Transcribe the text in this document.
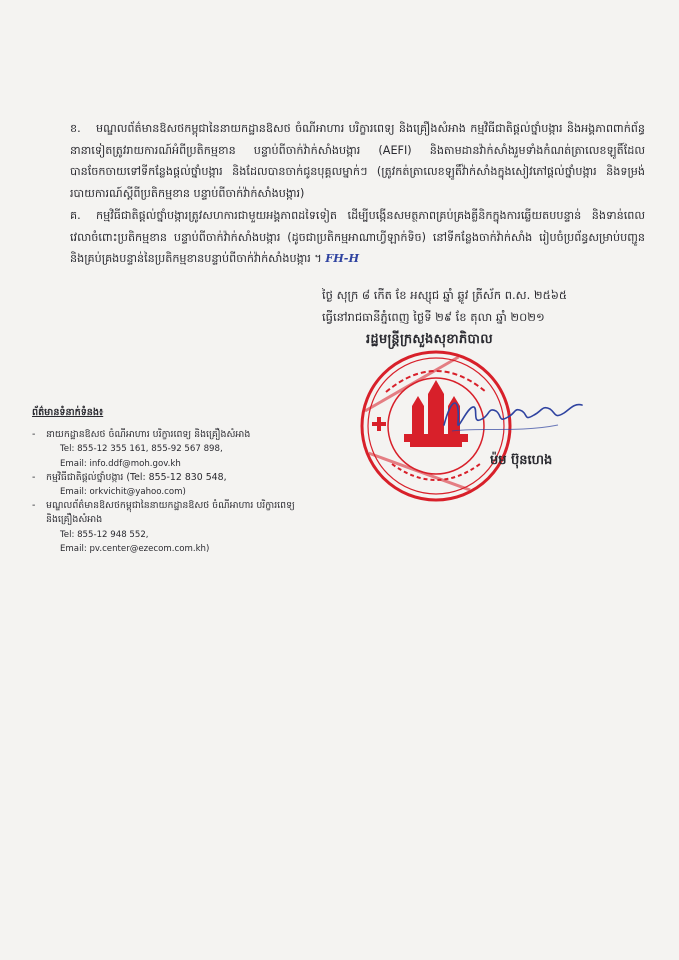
ខ. មណ្ឌលព័ត៌មានឱសថកម្ពុជានៃនាយកដ្ឋានឱសថ ចំណីអាហារ បរិក្ខារពេទ្យ និងគ្រឿងសំអាង កម្មវិធីជាតិផ្តល់ថ្នាំបង្ការ និងអង្គភាពពាក់ព័ន្ធនានាទៀតត្រូវរាយការណ៍អំពីប្រតិកម្មខាន បន្ទាប់ពីចាក់វ៉ាក់សាំងបង្ការ (AEFI) និងតាមដានវ៉ាក់សាំងរួមទាំងកំណត់ត្រាលេខឡូតិ៍ដែលបានចែកចាយទៅទីកន្លែងផ្តល់ថ្នាំបង្ការ និងដែលបានចាក់ជូនបុគ្គលម្នាក់ៗ (ត្រូវកត់ត្រាលេខឡូតិ៍វ៉ាក់សាំងក្នុងសៀវភៅផ្តល់ថ្នាំបង្ការ និងទម្រង់របាយការណ៍ស្តីពីប្រតិកម្មខាន បន្ទាប់ពីចាក់វ៉ាក់សាំងបង្ការ)
គ. កម្មវិធីជាតិផ្តល់ថ្នាំបង្ការត្រូវសហការជាមួយអង្គភាពដទៃទៀត ដើម្បីបង្កើនសមត្ថភាពគ្រប់គ្រងគ្លីនិកក្នុងការឆ្លើយតបបន្ទាន់ និងទាន់ពេលវេលាចំពោះប្រតិកម្មខាន បន្ទាប់ពីចាក់វ៉ាក់សាំងបង្ការ (ដូចជាប្រតិកម្មអាណាហ្វីឡាក់ទិច) នៅទីកន្លែងចាក់វ៉ាក់សាំង រៀបចំប្រព័ន្ធសម្រាប់បញ្ជូន និងគ្រប់គ្រងបន្ទាន់នៃប្រតិកម្មខានបន្ទាប់ពីចាក់វ៉ាក់សាំងបង្ការ ។ FH-H
ថ្ងៃ សុក្រ ៨ កើត ខែ អស្សុជ ឆ្នាំ ឆ្លូវ ត្រីស័ក ព.ស. ២៥៦៥
ធ្វើនៅរាជធានីភ្នំពេញ ថ្ងៃទី ២៩ ខែ តុលា ឆ្នាំ ២០២១
រដ្ឋមន្ត្រីក្រសួងសុខាភិបាល
ម៉ម ប៊ុនហេង
ព័ត៌មានទំនាក់ទំនង៖
- នាយកដ្ឋានឱសថ ចំណីអាហារ បរិក្ខារពេទ្យ និងគ្រឿងសំអាង
Tel: 855-12 355 161, 855-92 567 898,
Email: info.ddf@moh.gov.kh
- កម្មវិធីជាតិផ្តល់ថ្នាំបង្ការ (Tel: 855-12 830 548,
Email: orkvichit@yahoo.com)
- មណ្ឌលព័ត៌មានឱសថកម្ពុជានៃនាយកដ្ឋានឱសថ ចំណីអាហារ បរិក្ខារពេទ្យ
និងគ្រឿងសំអាង
Tel: 855-12 948 552,
Email: pv.center@ezecom.com.kh)
